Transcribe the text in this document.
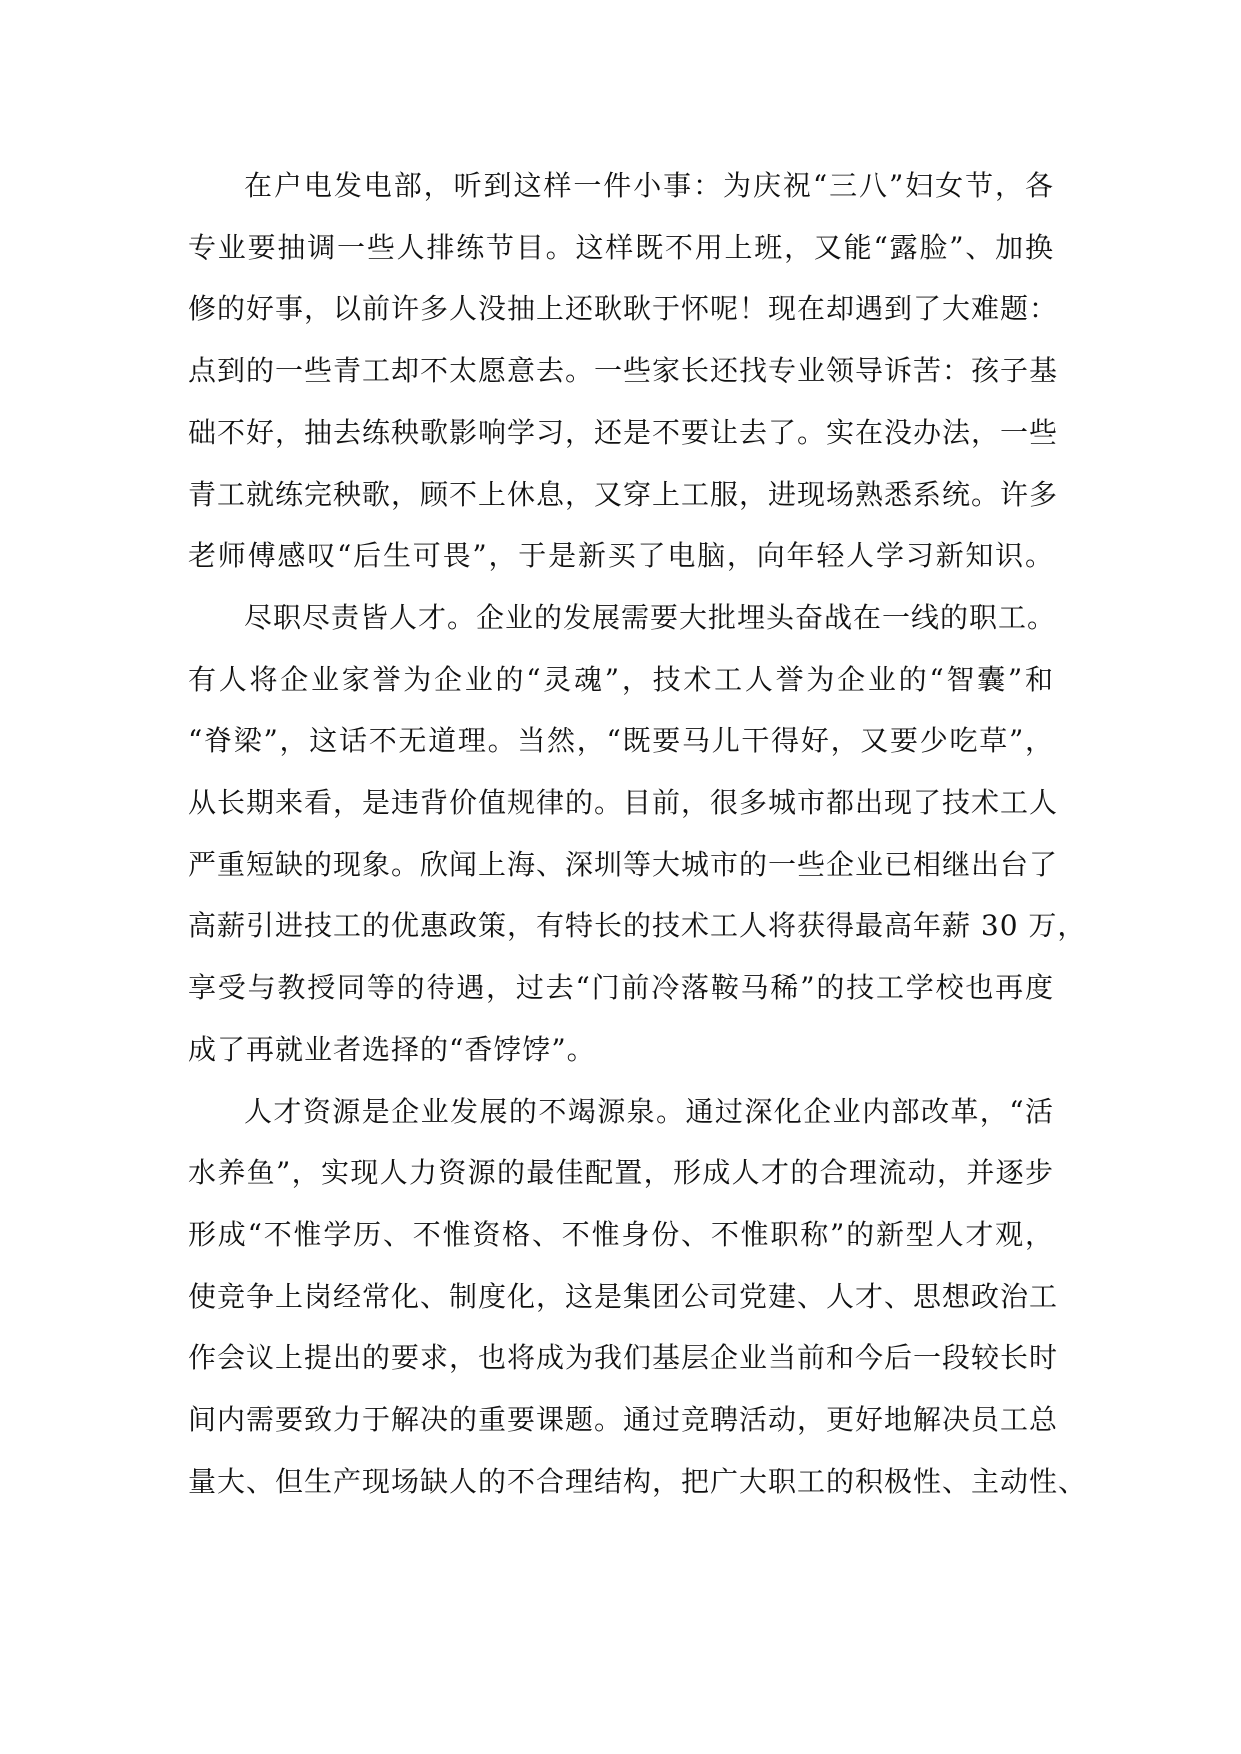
在户电发电部，听到这样一件小事：为庆祝“三八”妇女节，各
专业要抽调一些人排练节目。这样既不用上班，又能“露脸”、加换
修的好事，以前许多人没抽上还耿耿于怀呢！现在却遇到了大难题：
点到的一些青工却不太愿意去。一些家长还找专业领导诉苦：孩子基
础不好，抽去练秧歌影响学习，还是不要让去了。实在没办法，一些
青工就练完秧歌，顾不上休息，又穿上工服，进现场熟悉系统。许多
老师傅感叹“后生可畏”，于是新买了电脑，向年轻人学习新知识。
尽职尽责皆人才。企业的发展需要大批埋头奋战在一线的职工。
有人将企业家誉为企业的“灵魂”，技术工人誉为企业的“智囊”和
“脊梁”，这话不无道理。当然，“既要马儿干得好，又要少吃草”，
从长期来看，是违背价值规律的。目前，很多城市都出现了技术工人
严重短缺的现象。欣闻上海、深圳等大城市的一些企业已相继出台了
高薪引进技工的优惠政策，有特长的技术工人将获得最高年薪 30 万，
享受与教授同等的待遇，过去“门前冷落鞍马稀”的技工学校也再度
成了再就业者选择的“香饽饽”。
人才资源是企业发展的不竭源泉。通过深化企业内部改革，“活
水养鱼”，实现人力资源的最佳配置，形成人才的合理流动，并逐步
形成“不惟学历、不惟资格、不惟身份、不惟职称”的新型人才观，
使竞争上岗经常化、制度化，这是集团公司党建、人才、思想政治工
作会议上提出的要求，也将成为我们基层企业当前和今后一段较长时
间内需要致力于解决的重要课题。通过竞聘活动，更好地解决员工总
量大、但生产现场缺人的不合理结构，把广大职工的积极性、主动性、
